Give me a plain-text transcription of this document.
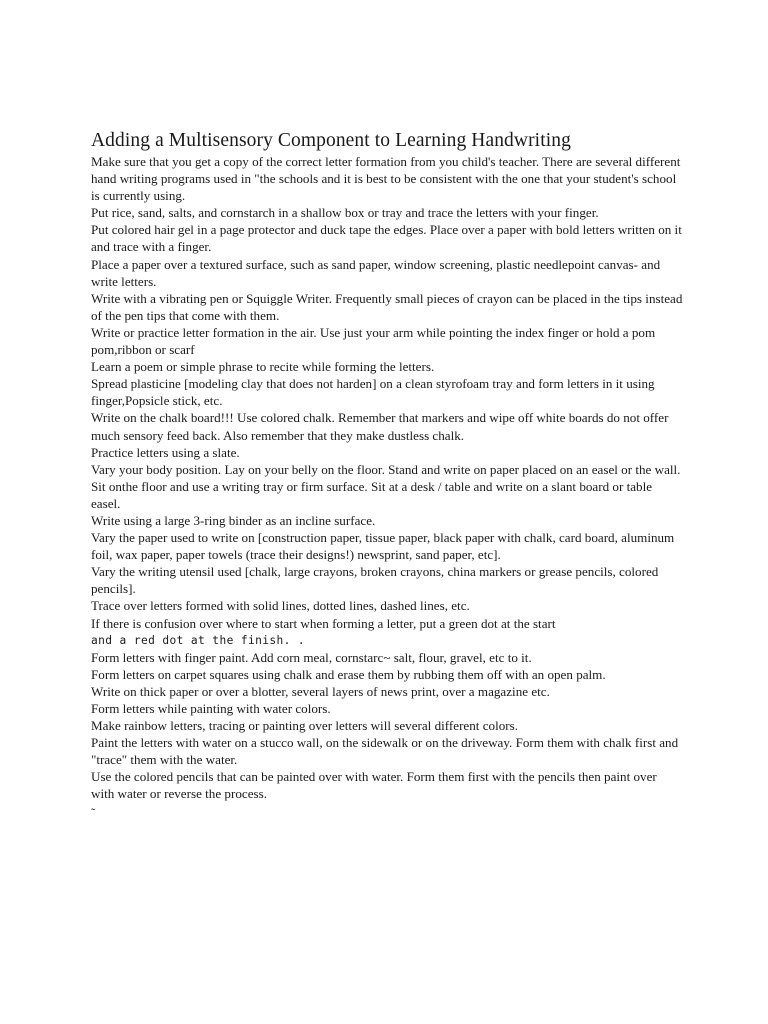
Adding a Multisensory Component to Learning Handwriting

Make sure that you get a copy of the correct letter formation from you child's teacher. There are several different hand writing programs used in "the schools and it is best to be consistent with the one that your student's school is currently using.

Put rice, sand, salts, and cornstarch in a shallow box or tray and trace the letters with your finger.

Put colored hair gel in a page protector and duck tape the edges. Place over a paper with bold letters written on it and trace with a finger.

Place a paper over a textured surface, such as sand paper, window screening, plastic needlepoint canvas- and write letters.

Write with a vibrating pen or Squiggle Writer. Frequently small pieces of crayon can be placed in the tips instead of the pen tips that come with them.

Write or practice letter formation in the air. Use just your arm while pointing the index finger or hold a pom pom,ribbon or scarf

Learn a poem or simple phrase to recite while forming the letters.

Spread plasticine [modeling clay that does not harden] on a clean styrofoam tray and form letters in it using finger,Popsicle stick, etc.

Write on the chalk board!!! Use colored chalk. Remember that markers and wipe off white boards do not offer much sensory feed back. Also remember that they make dustless chalk.

Practice letters using a slate.

Vary your body position. Lay on your belly on the floor. Stand and write on paper placed on an easel or the wall. Sit onthe floor and use a writing tray or firm surface. Sit at a desk / table and write on a slant board or table easel.

Write using a large 3-ring binder as an incline surface.

Vary the paper used to write on [construction paper, tissue paper, black paper with chalk, card board, aluminum foil, wax paper, paper towels (trace their designs!) newsprint, sand paper, etc].

Vary the writing utensil used [chalk, large crayons, broken crayons, china markers or grease pencils, colored pencils].

Trace over letters formed with solid lines, dotted lines, dashed lines, etc.

If there is confusion over where to start when forming a letter, put a green dot at the start

and a red dot at the finish. .

Form letters with finger paint. Add corn meal, cornstarc~ salt, flour, gravel, etc to it.

Form letters on carpet squares using chalk and erase them by rubbing them off with an open palm.

Write on thick paper or over a blotter, several layers of news print, over a magazine etc.

Form letters while painting with water colors.

Make rainbow letters, tracing or painting over letters will several different colors.

Paint the letters with water on a stucco wall, on the sidewalk or on the driveway. Form them with chalk first and "trace" them with the water.

Use the colored pencils that can be painted over with water. Form them first with the pencils then paint over with water or reverse the process.

˜
